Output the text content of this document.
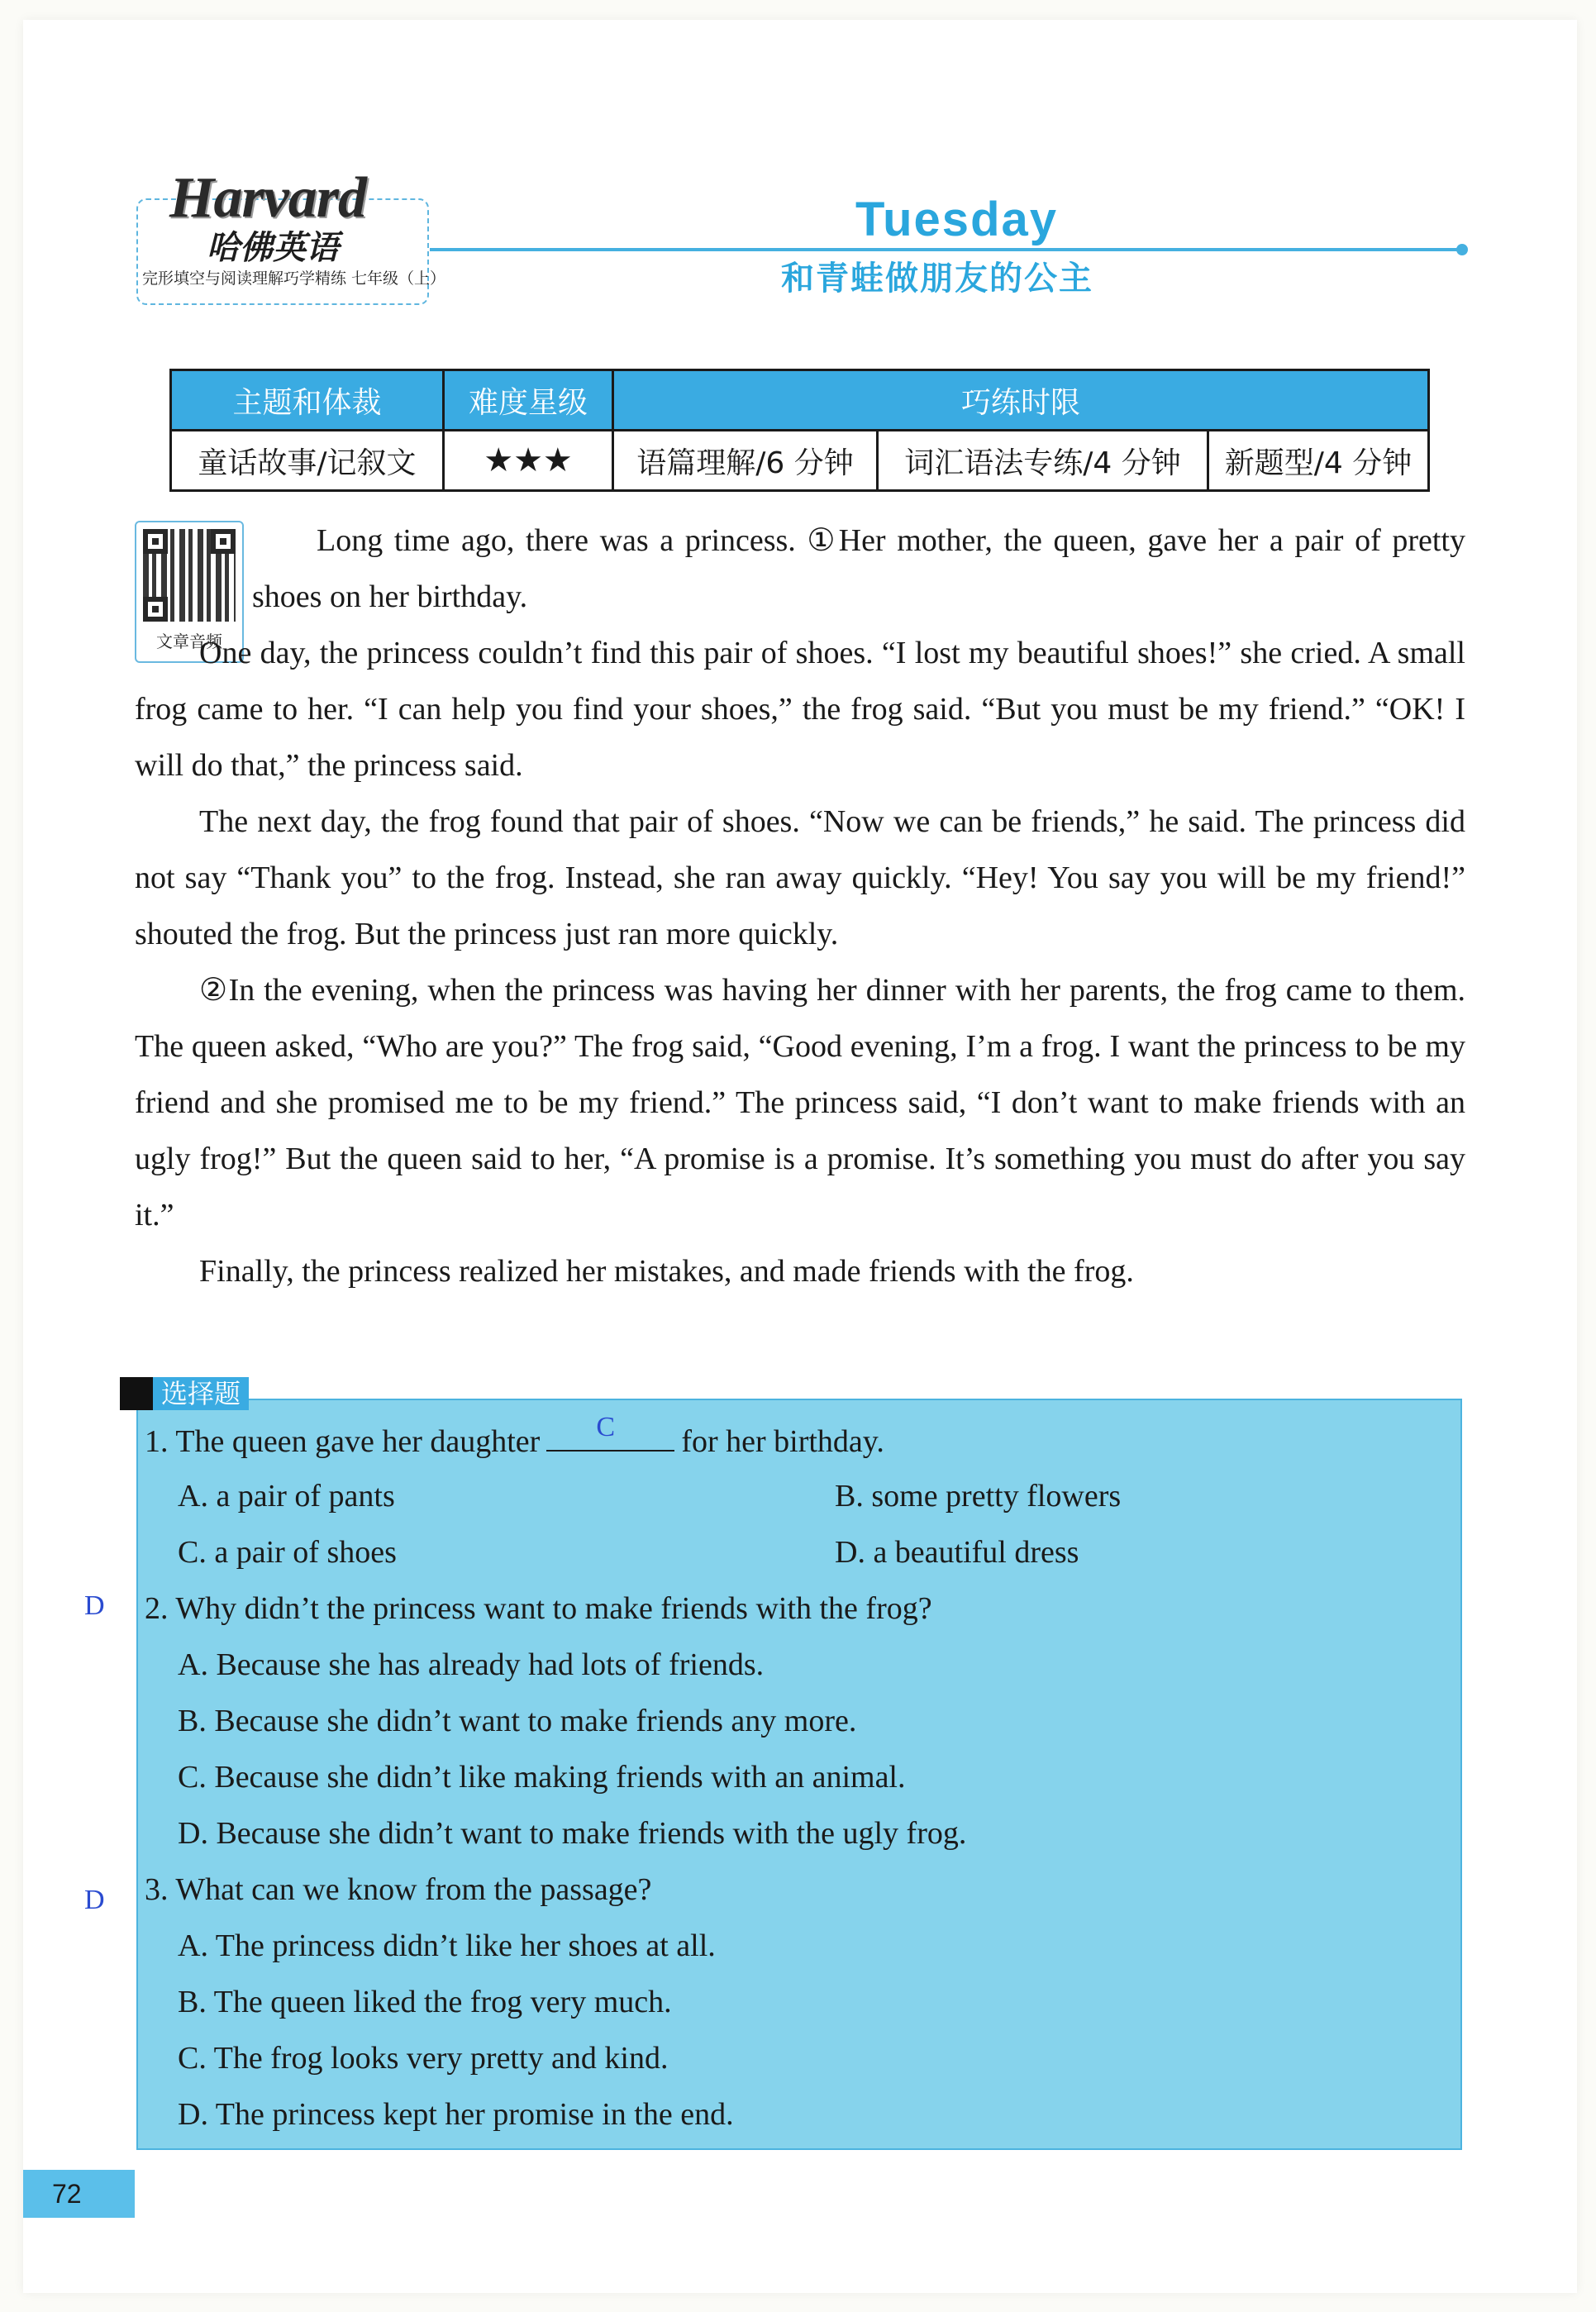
Harvard
哈佛英语
完形填空与阅读理解巧学精练 七年级（上）
Tuesday
和青蛙做朋友的公主
主题和体裁	难度星级	巧练时限		
童话故事/记叙文	★★★	语篇理解/6 分钟	词汇语法专练/4 分钟	新题型/4 分钟
文章音频

Long time ago, there was a princess. ①Her mother, the queen, gave her a pair of pretty shoes on her birthday.

One day, the princess couldn’t find this pair of shoes. “I lost my beautiful shoes!” she cried. A small frog came to her. “I can help you find your shoes,” the frog said. “But you must be my friend.” “OK! I will do that,” the princess said.

The next day, the frog found that pair of shoes. “Now we can be friends,” he said. The princess did not say “Thank you” to the frog. Instead, she ran away quickly. “Hey! You say you will be my friend!” shouted the frog. But the princess just ran more quickly.

②In the evening, when the princess was having her dinner with her parents, the frog came to them. The queen asked, “Who are you?” The frog said, “Good evening, I’m a frog. I want the princess to be my friend and she promised me to be my friend.” The princess said, “I don’t want to make friends with an ugly frog!” But the queen said to her, “A promise is a promise. It’s something you must do after you say it.”

Finally, the princess realized her mistakes, and made friends with the frog.

选择题
1. The queen gave her daughter C for her birthday.
A. a pair of pants	B. some pretty flowers
C. a pair of shoes	D. a beautiful dress
D 2. Why didn’t the princess want to make friends with the frog?
A. Because she has already had lots of friends.
B. Because she didn’t want to make friends any more.
C. Because she didn’t like making friends with an animal.
D. Because she didn’t want to make friends with the ugly frog.
D 3. What can we know from the passage?
A. The princess didn’t like her shoes at all.
B. The queen liked the frog very much.
C. The frog looks very pretty and kind.
D. The princess kept her promise in the end.
72
